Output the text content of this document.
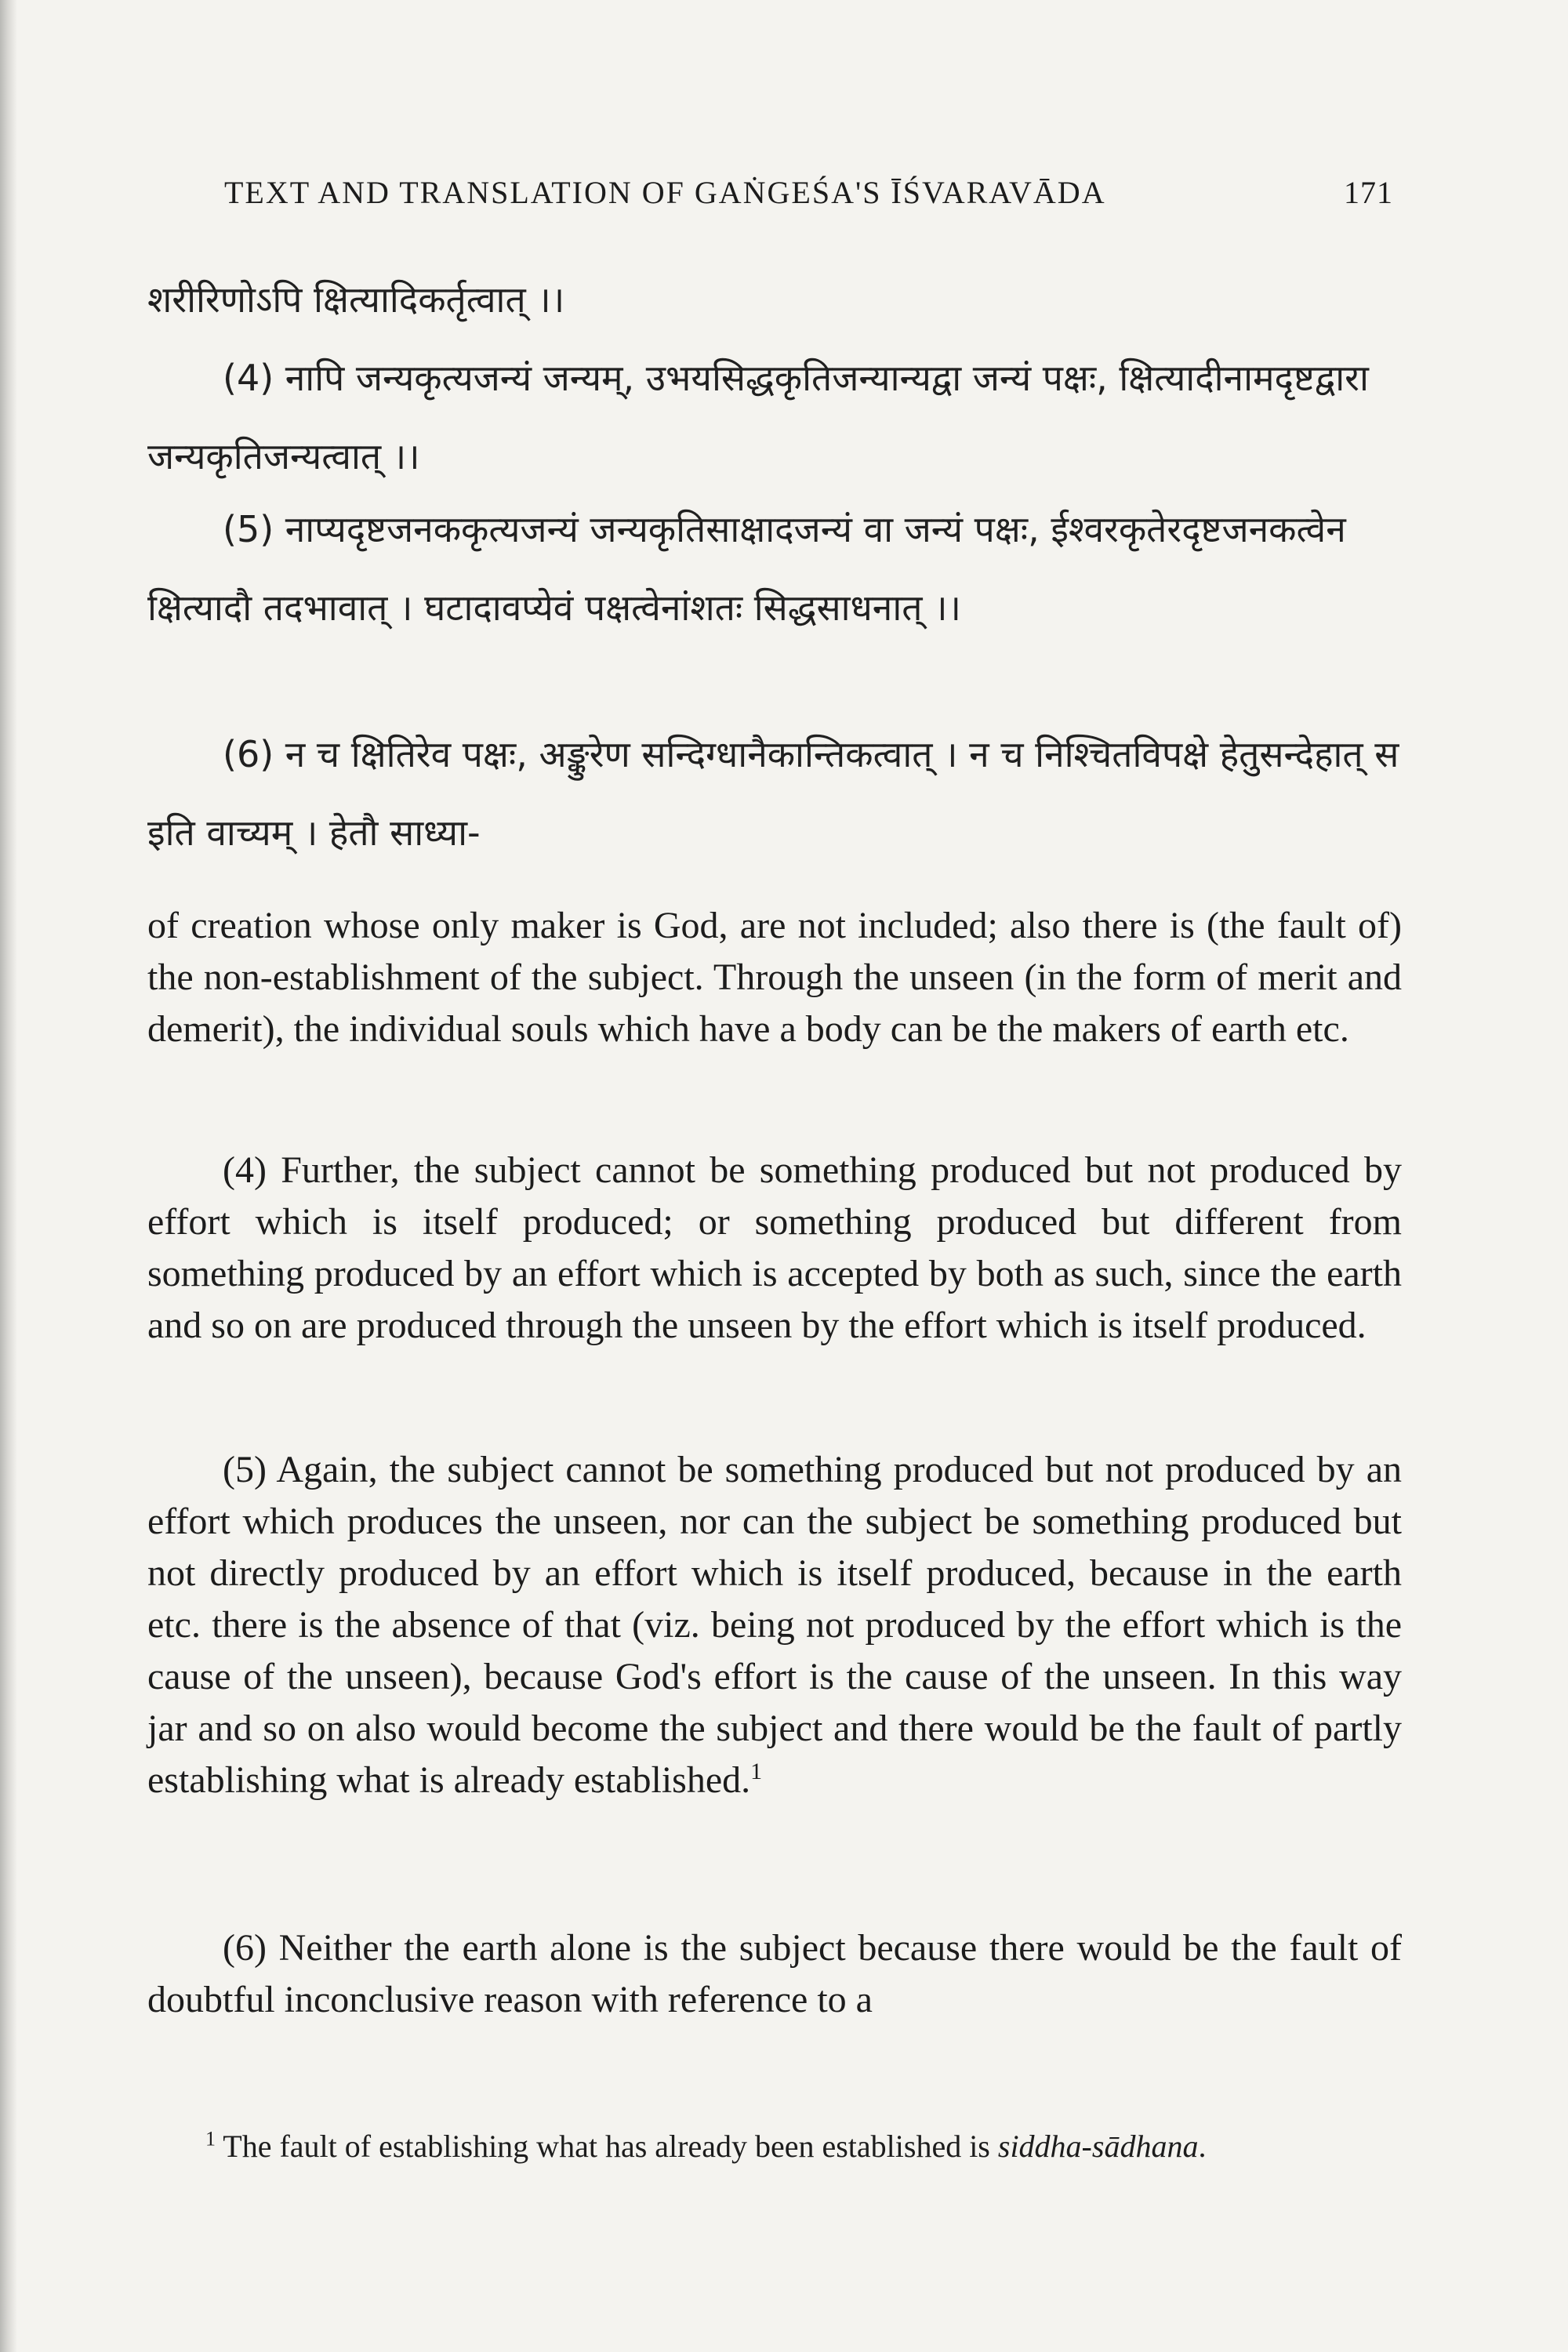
TEXT AND TRANSLATION OF GAṄGEŚA'S ĪŚVARAVĀDA	171
शरीरिणोऽपि क्षित्यादिकर्तृत्वात् ।।
(4) नापि जन्यकृत्यजन्यं जन्यम्, उभयसिद्धकृतिजन्यान्यद्वा जन्यं पक्षः, क्षित्यादीनामदृष्टद्वारा जन्यकृतिजन्यत्वात् ।।
(5) नाप्यदृष्टजनककृत्यजन्यं जन्यकृतिसाक्षादजन्यं वा जन्यं पक्षः, ईश्वरकृतेरदृष्टजनकत्वेन क्षित्यादौ तदभावात् । घटादावप्येवं पक्षत्वेनांशतः सिद्धसाधनात् ।।
(6) न च क्षितिरेव पक्षः, अङ्कुरेण सन्दिग्धानैकान्तिकत्वात् । न च निश्चितविपक्षे हेतुसन्देहात् स इति वाच्यम् । हेतौ साध्या-

of creation whose only maker is God, are not included; also there is (the fault of) the non-establishment of the subject. Through the unseen (in the form of merit and demerit), the individual souls which have a body can be the makers of earth etc.

(4) Further, the subject cannot be something produced but not produced by effort which is itself produced; or something produced but different from something produced by an effort which is accepted by both as such, since the earth and so on are produced through the unseen by the effort which is itself produced.

(5) Again, the subject cannot be something produced but not produced by an effort which produces the unseen, nor can the subject be something produced but not directly produced by an effort which is itself produced, because in the earth etc. there is the absence of that (viz. being not produced by the effort which is the cause of the unseen), because God's effort is the cause of the unseen. In this way jar and so on also would become the subject and there would be the fault of partly establishing what is already established.$^1$

(6) Neither the earth alone is the subject because there would be the fault of doubtful inconclusive reason with reference to a

$^1$ The fault of establishing what has already been established is siddha-sādhana.
